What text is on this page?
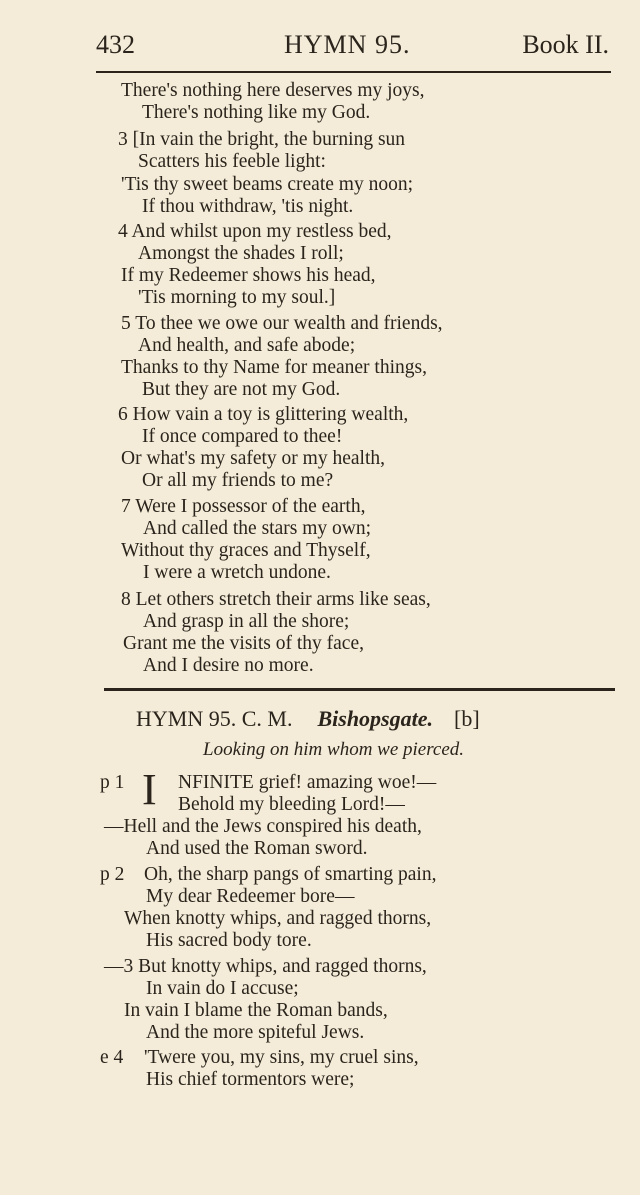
432	HYMN 95.	Book II.
There's nothing here deserves my joys,
There's nothing like my God.
3 [In vain the bright, the burning sun
Scatters his feeble light:
'Tis thy sweet beams create my noon;
If thou withdraw, 'tis night.
4 And whilst upon my restless bed,
Amongst the shades I roll;
If my Redeemer shows his head,
'Tis morning to my soul.]
5 To thee we owe our wealth and friends,
And health, and safe abode;
Thanks to thy Name for meaner things,
But they are not my God.
6 How vain a toy is glittering wealth,
If once compared to thee!
Or what's my safety or my health,
Or all my friends to me?
7 Were I possessor of the earth,
And called the stars my own;
Without thy graces and Thyself,
I were a wretch undone.
8 Let others stretch their arms like seas,
And grasp in all the shore;
Grant me the visits of thy face,
And I desire no more.
HYMN 95. C. M. Bishopsgate. [b]
Looking on him whom we pierced.
I
p 1	NFINITE grief! amazing woe!—
Behold my bleeding Lord!—
—Hell and the Jews conspired his death,
And used the Roman sword.
p 2 Oh, the sharp pangs of smarting pain,
My dear Redeemer bore—
When knotty whips, and ragged thorns,
His sacred body tore.
—3 But knotty whips, and ragged thorns,
In vain do I accuse;
In vain I blame the Roman bands,
And the more spiteful Jews.
e 4 'Twere you, my sins, my cruel sins,
His chief tormentors were;
